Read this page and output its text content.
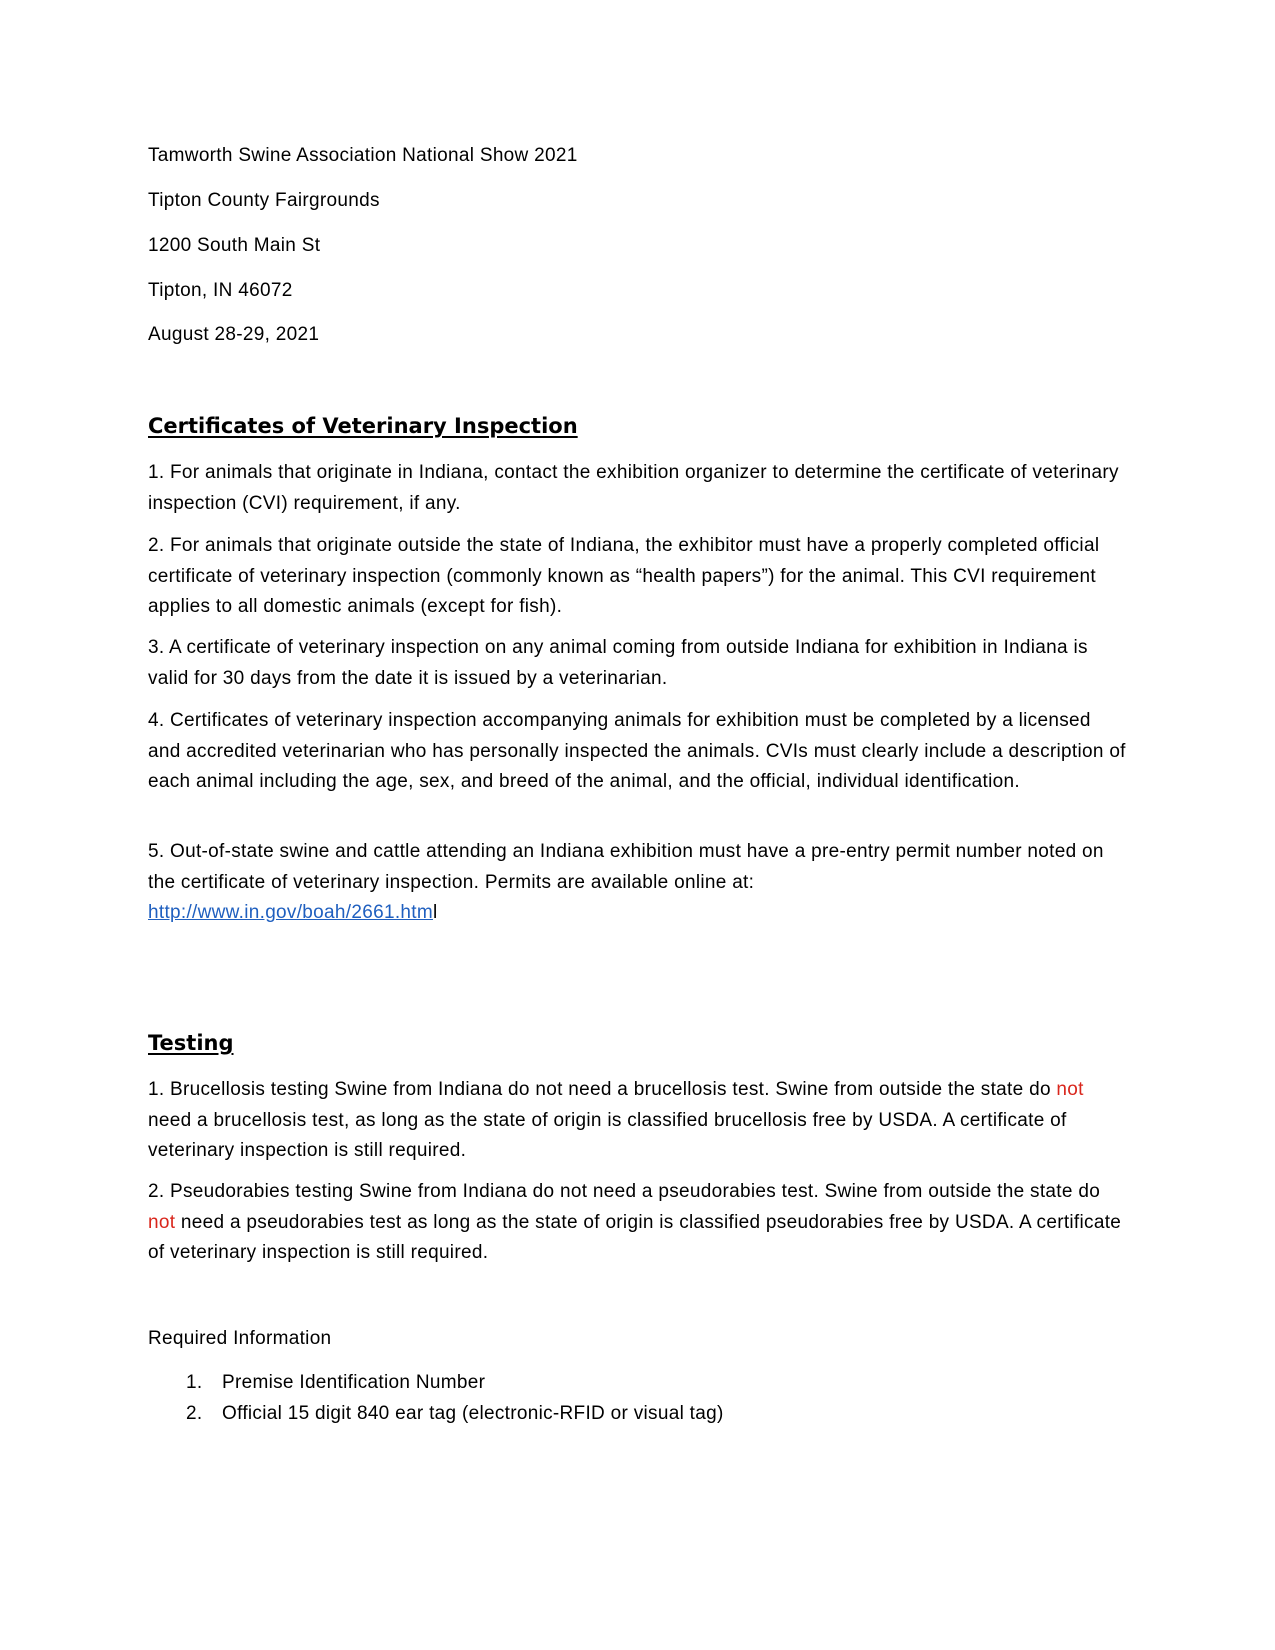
Tamworth Swine Association National Show 2021
Tipton County Fairgrounds
1200 South Main St
Tipton, IN 46072
August 28-29, 2021
Certificates of Veterinary Inspection
1. For animals that originate in Indiana, contact the exhibition organizer to determine the certificate of veterinary inspection (CVI) requirement, if any.
2. For animals that originate outside the state of Indiana, the exhibitor must have a properly completed official certificate of veterinary inspection (commonly known as “health papers”) for the animal. This CVI requirement applies to all domestic animals (except for fish).
3. A certificate of veterinary inspection on any animal coming from outside Indiana for exhibition in Indiana is valid for 30 days from the date it is issued by a veterinarian.
4. Certificates of veterinary inspection accompanying animals for exhibition must be completed by a licensed and accredited veterinarian who has personally inspected the animals. CVIs must clearly include a description of each animal including the age, sex, and breed of the animal, and the official, individual identification.
5. Out-of-state swine and cattle attending an Indiana exhibition must have a pre-entry permit number noted on the certificate of veterinary inspection. Permits are available online at:
http://www.in.gov/boah/2661.html
Testing
1. Brucellosis testing Swine from Indiana do not need a brucellosis test. Swine from outside the state do not need a brucellosis test, as long as the state of origin is classified brucellosis free by USDA. A certificate of veterinary inspection is still required.
2. Pseudorabies testing Swine from Indiana do not need a pseudorabies test. Swine from outside the state do not need a pseudorabies test as long as the state of origin is classified pseudorabies free by USDA. A certificate of veterinary inspection is still required.
Required Information
1. Premise Identification Number
2. Official 15 digit 840 ear tag (electronic-RFID or visual tag)
